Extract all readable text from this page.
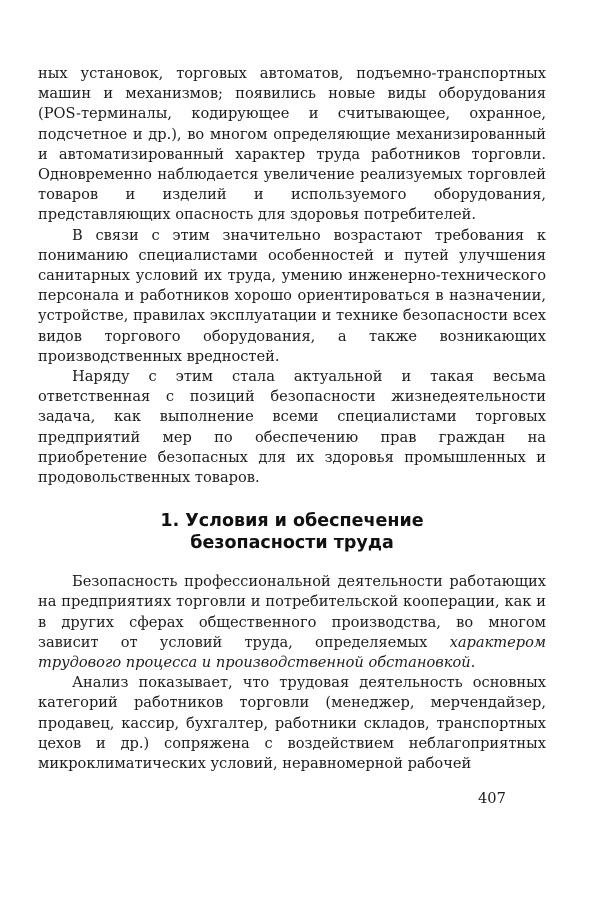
ных установок, торговых автоматов, подъемно-транспортных машин и механизмов; появились новые виды оборудования (POS-терминалы, кодирующее и считывающее, охранное, подсчетное и др.), во многом определяющие механизированный и автоматизированный характер труда работников торговли. Одновременно наблюдается увеличение реализуемых торговлей товаров и изделий и используемого оборудования, представляющих опасность для здоровья потребителей.

В связи с этим значительно возрастают требования к пониманию специалистами особенностей и путей улучшения санитарных условий их труда, умению инженерно-технического персонала и работников хорошо ориентироваться в назначении, устройстве, правилах эксплуатации и технике безопасности всех видов торгового оборудования, а также возникающих производственных вредностей.

Наряду с этим стала актуальной и такая весьма ответственная с позиций безопасности жизнедеятельности задача, как выполнение всеми специалистами торговых предприятий мер по обеспечению прав граждан на приобретение безопасных для их здоровья промышленных и продовольственных товаров.

1. Условия и обеспечение
безопасности труда

Безопасность профессиональной деятельности работающих на предприятиях торговли и потребительской кооперации, как и в других сферах общественного производства, во многом зависит от условий труда, определяемых характером трудового процесса и производственной обстановкой.

Анализ показывает, что трудовая деятельность основных категорий работников торговли (менеджер, мерчендайзер, продавец, кассир, бухгалтер, работники складов, транспортных цехов и др.) сопряжена с воздействием неблагоприятных микроклиматических условий, неравномерной рабочей

407
